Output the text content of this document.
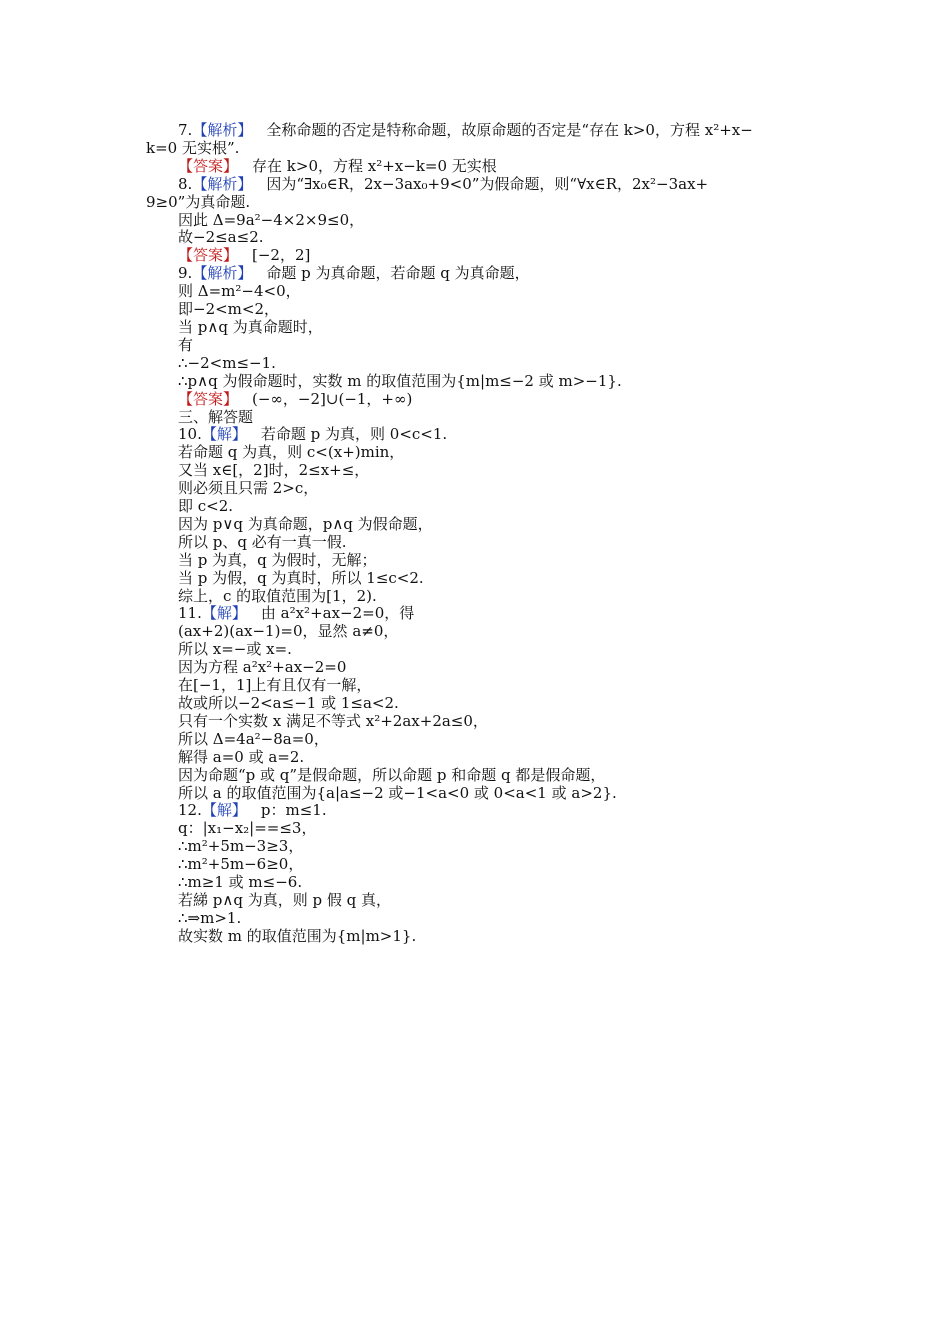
7.【解析】 全称命题的否定是特称命题，故原命题的否定是“存在 k>0，方程 x²+x−
k=0 无实根”.
【答案】 存在 k>0，方程 x²+x−k=0 无实根
8.【解析】 因为“∃x₀∈R，2x−3ax₀+9<0”为假命题，则“∀x∈R，2x²−3ax+
9≥0”为真命题.
因此 Δ=9a²−4×2×9≤0，
故−2≤a≤2.
【答案】 [−2，2]
9.【解析】 命题 p 为真命题，若命题 q 为真命题，
则 Δ=m²−4<0，
即−2<m<2，
当 p∧q 为真命题时，
有
∴−2<m≤−1.
∴p∧q 为假命题时，实数 m 的取值范围为{m|m≤−2 或 m>−1}.
【答案】 (−∞，−2]∪(−1，+∞)
三、解答题
10.【解】 若命题 p 为真，则 0<c<1.
若命题 q 为真，则 c<(x+)min，
又当 x∈[，2]时，2≤x+≤，
则必须且只需 2>c，
即 c<2.
因为 p∨q 为真命题，p∧q 为假命题，
所以 p、q 必有一真一假.
当 p 为真，q 为假时，无解；
当 p 为假，q 为真时，所以 1≤c<2.
综上，c 的取值范围为[1，2).
11.【解】 由 a²x²+ax−2=0，得
(ax+2)(ax−1)=0，显然 a≠0，
所以 x=−或 x=.
因为方程 a²x²+ax−2=0
在[−1，1]上有且仅有一解，
故或所以−2<a≤−1 或 1≤a<2.
只有一个实数 x 满足不等式 x²+2ax+2a≤0，
所以 Δ=4a²−8a=0，
解得 a=0 或 a=2.
因为命题“p 或 q”是假命题，所以命题 p 和命题 q 都是假命题，
所以 a 的取值范围为{a|a≤−2 或−1<a<0 或 0<a<1 或 a>2}.
12.【解】 p：m≤1.
q：|x₁−x₂|==≤3，
∴m²+5m−3≥3，
∴m²+5m−6≥0，
∴m≥1 或 m≤−6.
若綈 p∧q 为真，则 p 假 q 真，
∴⇒m>1.
故实数 m 的取值范围为{m|m>1}.
